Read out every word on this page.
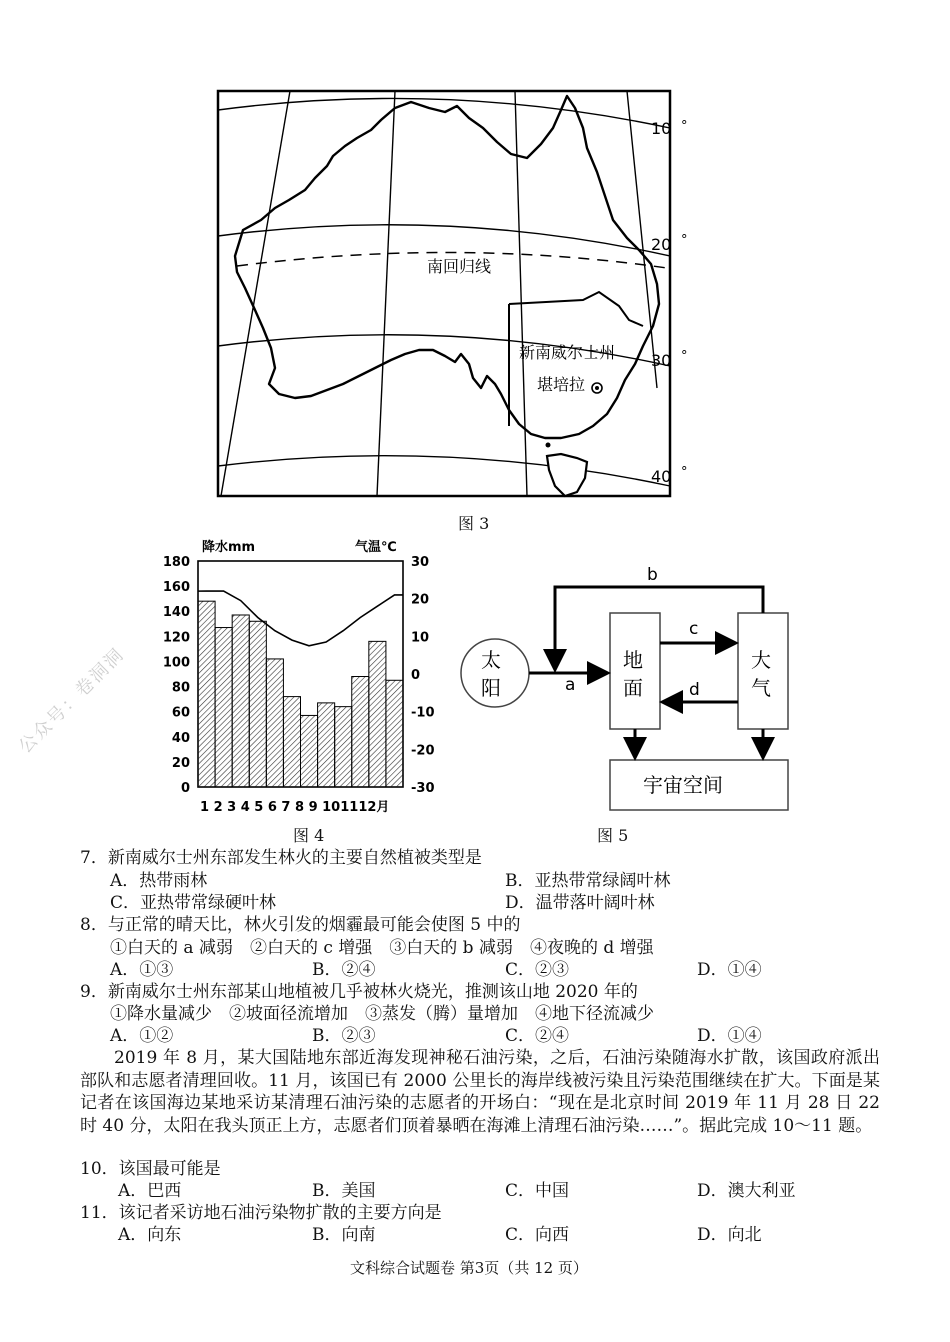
公众号：卷洞洞
10
20
30
40
°
°
°
°
南回归线
新南威尔士州
堪培拉
图 3
降水mm	气温℃
0
20
40
60
80
100
120
140
160
180	30
20
10
0
-10
-20
-30
1 2 3 4 5 6 7 8 9 101112月
图 4
太
阳
地
面
大
气
宇宙空间
a
b
c
d
图 5
7．新南威尔士州东部发生林火的主要自然植被类型是
A．热带雨林	B．亚热带常绿阔叶林
C．亚热带常绿硬叶林	D．温带落叶阔叶林
8．与正常的晴天比，林火引发的烟霾最可能会使图 5 中的
①白天的 a 减弱　②白天的 c 增强　③白天的 b 减弱　④夜晚的 d 增强
A．①③	B．②④	C．②③	D．①④
9．新南威尔士州东部某山地植被几乎被林火烧光，推测该山地 2020 年的
①降水量减少　②坡面径流增加　③蒸发（腾）量增加　④地下径流减少
A．①②	B．②③	C．②④	D．①④
2019 年 8 月，某大国陆地东部近海发现神秘石油污染，之后，石油污染随海水扩散，该国政府派出部队和志愿者清理回收。11 月，该国已有 2000 公里长的海岸线被污染且污染范围继续在扩大。下面是某记者在该国海边某地采访某清理石油污染的志愿者的开场白：“现在是北京时间 2019 年 11 月 28 日 22 时 40 分，太阳在我头顶正上方，志愿者们顶着暴晒在海滩上清理石油污染……”。据此完成 10～11 题。
10．该国最可能是
A．巴西	B．美国	C．中国	D．澳大利亚
11．该记者采访地石油污染物扩散的主要方向是
A．向东	B．向南	C．向西	D．向北
文科综合试题卷 第3页（共 12 页）
